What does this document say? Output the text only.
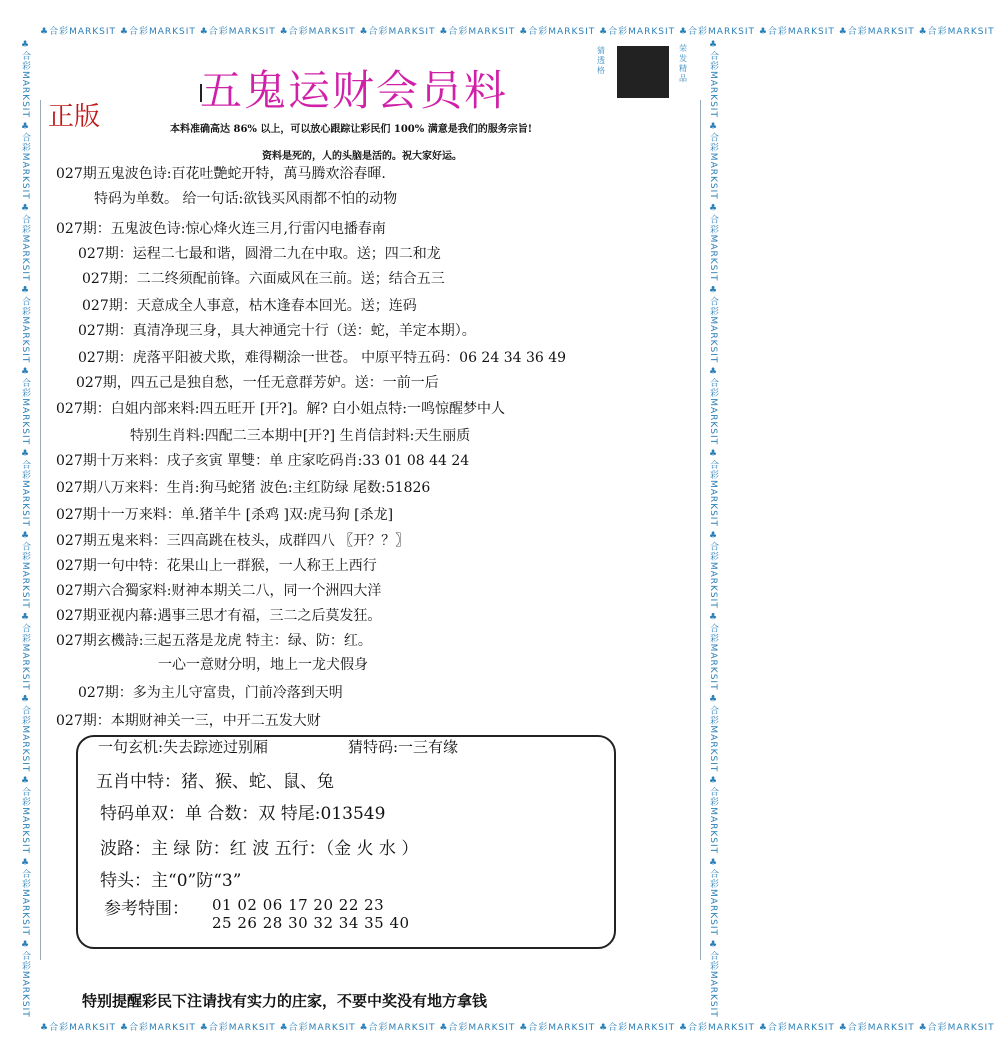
♣合彩MARKSIT ♣合彩MARKSIT ♣合彩MARKSIT ♣合彩MARKSIT ♣合彩MARKSIT ♣合彩MARKSIT ♣合彩MARKSIT ♣合彩MARKSIT ♣合彩MARKSIT ♣合彩MARKSIT ♣合彩MARKSIT ♣合彩MARKSIT
♣合彩MARKSIT ♣合彩MARKSIT ♣合彩MARKSIT ♣合彩MARKSIT ♣合彩MARKSIT ♣合彩MARKSIT ♣合彩MARKSIT ♣合彩MARKSIT ♣合彩MARKSIT ♣合彩MARKSIT ♣合彩MARKSIT ♣合彩MARKSIT
♣合彩MARKSIT ♣合彩MARKSIT ♣合彩MARKSIT ♣合彩MARKSIT ♣合彩MARKSIT ♣合彩MARKSIT ♣合彩MARKSIT ♣合彩MARKSIT ♣合彩MARKSIT ♣合彩MARKSIT ♣合彩MARKSIT ♣合彩MARKSIT	♣合彩MARKSIT ♣合彩MARKSIT ♣合彩MARKSIT ♣合彩MARKSIT ♣合彩MARKSIT ♣合彩MARKSIT ♣合彩MARKSIT ♣合彩MARKSIT ♣合彩MARKSIT ♣合彩MARKSIT ♣合彩MARKSIT ♣合彩MARKSIT
猜
透
格
荣
发
精
品
五鬼运财会员料
正版	本料准确高达 86% 以上，可以放心跟踪让彩民们 100% 满意是我们的服务宗旨!
资料是死的，人的头脑是活的。祝大家好运。
027期五鬼波色诗:百花吐艷蛇开特，萬马腾欢浴春暉.
特码为单数。 给一句话:欲钱买风雨都不怕的动物
027期：五鬼波色诗:惊心烽火连三月,行雷闪电播春南
027期：运程二七最和谐，圆滑二九在中取。送；四二和龙
027期：二二终须配前锋。六面威风在三前。送；结合五三
027期：天意成全人事意，枯木逢春本回光。送；连码
027期：真清净现三身，具大神通完十行（送：蛇，羊定本期）。
027期：虎落平阳被犬欺，难得糊涂一世苍。 中原平特五码：06 24 34 36 49
027期，四五己是独自愁，一任无意群芳妒。送：一前一后
027期：白姐内部来料:四五旺开 [开?]。解? 白小姐点特:一鸣惊醒梦中人
特别生肖料:四配二三本期中[开?] 生肖信封料:天生丽质
027期十万来料：戌子亥寅 單雙：单 庄家吃码肖:33 01 08 44 24
027期八万来料：生肖:狗马蛇猪 波色:主红防绿 尾数:51826
027期十一万来料：单.猪羊牛 [杀鸡 ]双:虎马狗 [杀龙]
027期五鬼来料：三四高跳在枝头，成群四八 〖开？？〗
027期一句中特：花果山上一群猴，一人称王上西行
027期六合獨家料:财神本期关二八，同一个洲四大洋
027期亚视内幕:遇事三思才有福，三二之后莫发狂。
027期玄機詩:三起五落是龙虎 特主：绿、防：红。
一心一意财分明，地上一龙犬假身
027期：多为主儿守富贵，门前冷落到天明
027期：本期财神关一三，中开二五发大财
一句玄机:失去踪迹过别厢	猜特码:一三有缘
五肖中特：猪、猴、蛇、鼠、兔
特码单双：单 合数：双 特尾:013549
波路：主 绿 防：红 波 五行：（金 火 水 ）
特头：主“0”防“3”
参考特围： 01 02 06 17 20 22 23
25 26 28 30 32 34 35 40
特别提醒彩民下注请找有实力的庄家，不要中奖没有地方拿钱
